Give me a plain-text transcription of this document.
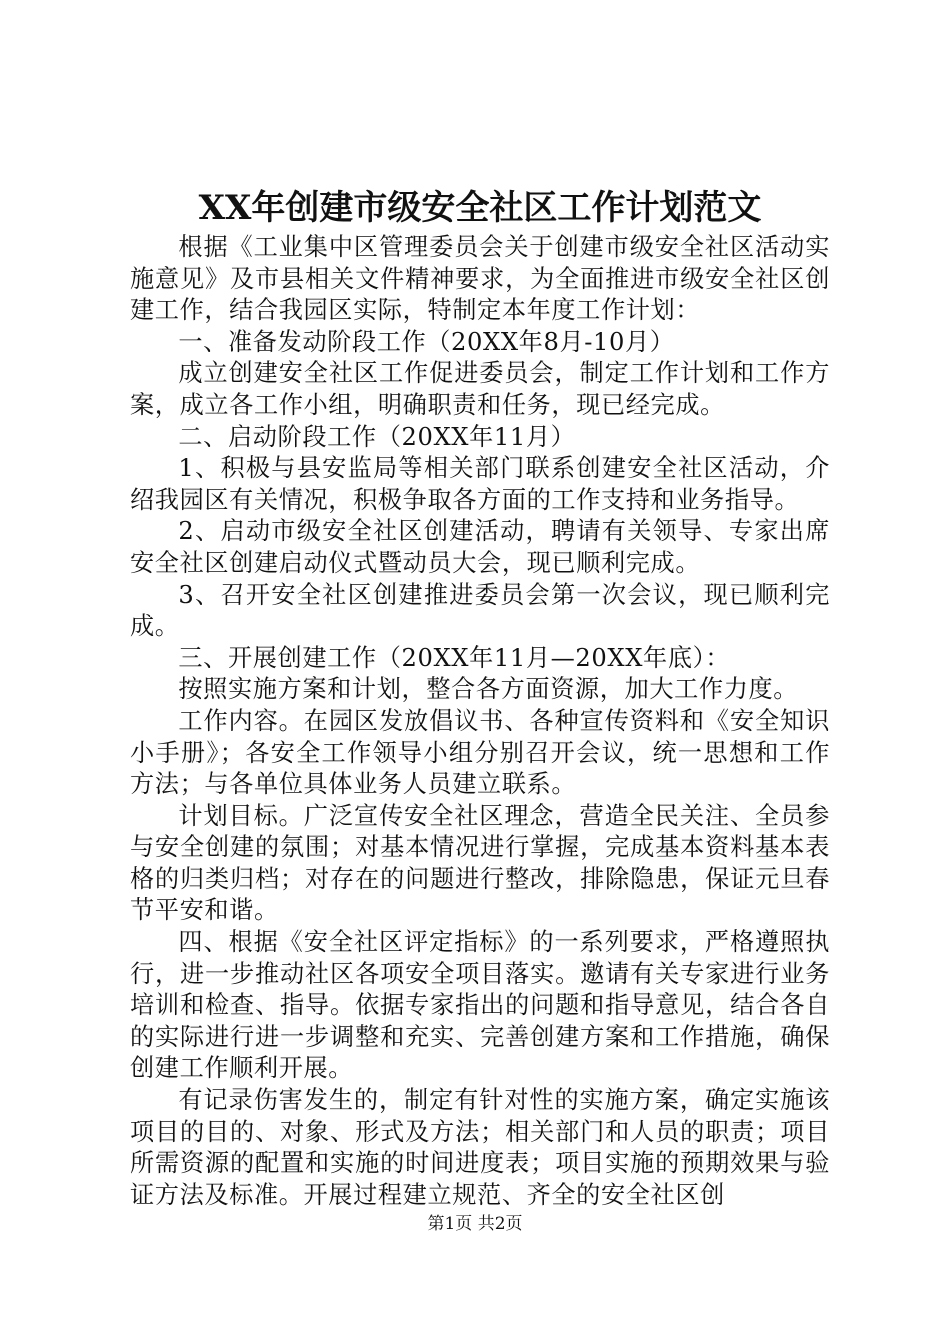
XX年创建市级安全社区工作计划范文

根据《工业集中区管理委员会关于创建市级安全社区活动实施意见》及市县相关文件精神要求，为全面推进市级安全社区创建工作，结合我园区实际，特制定本年度工作计划：

一、准备发动阶段工作（20XX年8月-10月）

成立创建安全社区工作促进委员会，制定工作计划和工作方案，成立各工作小组，明确职责和任务，现已经完成。

二、启动阶段工作（20XX年11月）

1、积极与县安监局等相关部门联系创建安全社区活动，介绍我园区有关情况，积极争取各方面的工作支持和业务指导。

2、启动市级安全社区创建活动，聘请有关领导、专家出席安全社区创建启动仪式暨动员大会，现已顺利完成。

3、召开安全社区创建推进委员会第一次会议，现已顺利完成。

三、开展创建工作（20XX年11月—20XX年底）：

按照实施方案和计划，整合各方面资源，加大工作力度。

工作内容。在园区发放倡议书、各种宣传资料和《安全知识小手册》；各安全工作领导小组分别召开会议，统一思想和工作方法；与各单位具体业务人员建立联系。

计划目标。广泛宣传安全社区理念，营造全民关注、全员参与安全创建的氛围；对基本情况进行掌握，完成基本资料基本表格的归类归档；对存在的问题进行整改，排除隐患，保证元旦春节平安和谐。

四、根据《安全社区评定指标》的一系列要求，严格遵照执行，进一步推动社区各项安全项目落实。邀请有关专家进行业务培训和检查、指导。依据专家指出的问题和指导意见，结合各自的实际进行进一步调整和充实、完善创建方案和工作措施，确保创建工作顺利开展。

有记录伤害发生的，制定有针对性的实施方案，确定实施该项目的目的、对象、形式及方法；相关部门和人员的职责；项目所需资源的配置和实施的时间进度表；项目实施的预期效果与验证方法及标准。开展过程建立规范、齐全的安全社区创

第1页 共2页
